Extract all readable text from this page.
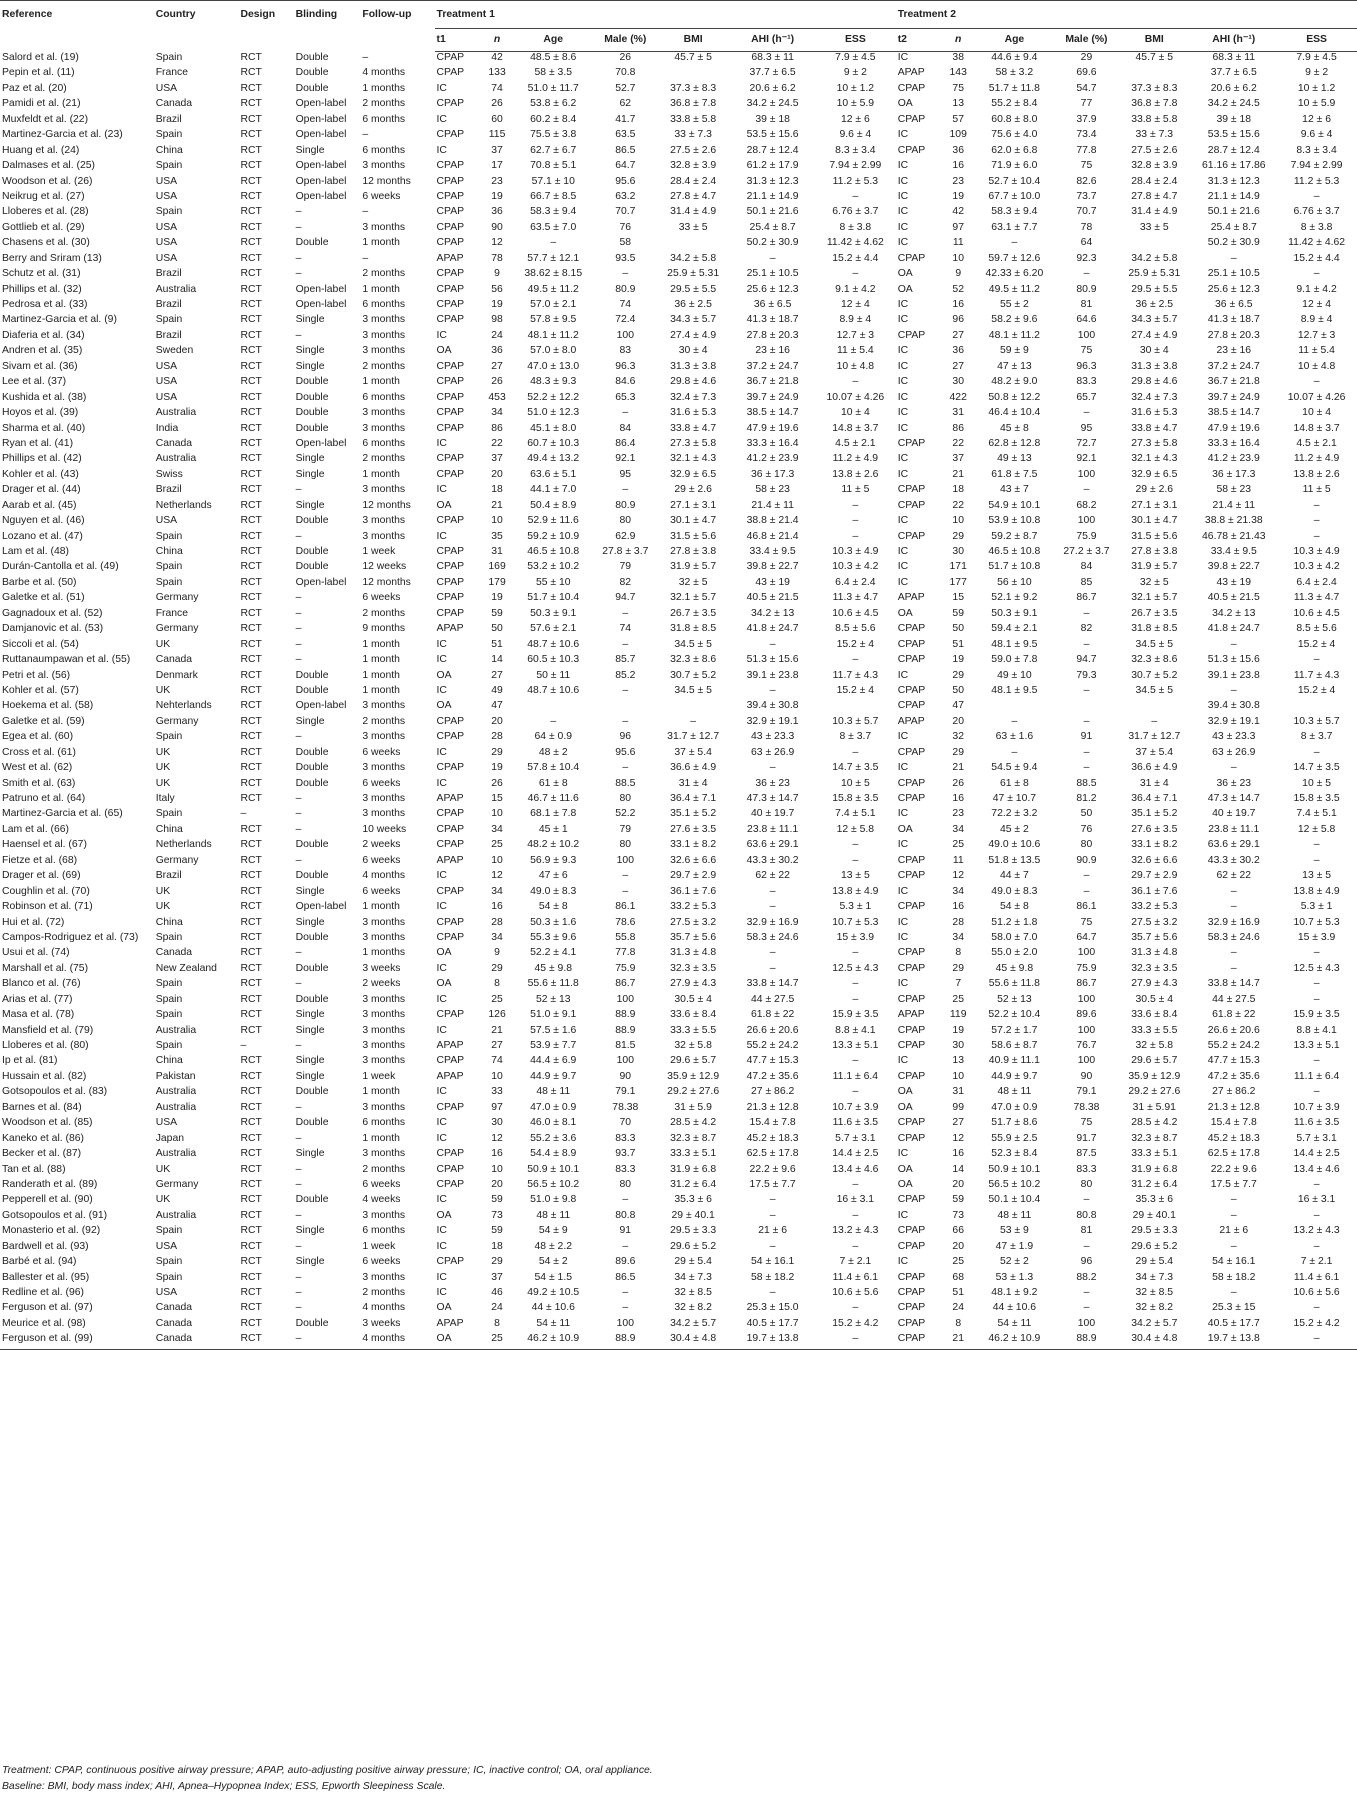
Reference	Country	Design	Blinding	Follow-up	Treatment 1							Treatment 2						
					t1	n	Age	Male (%)	BMI	AHI (h⁻¹)	ESS	t2	n	Age	Male (%)	BMI	AHI (h⁻¹)	ESS
Salord et al. (19)	Spain	RCT	Double	–	CPAP	42	48.5 ± 8.6	26	45.7 ± 5	68.3 ± 11	7.9 ± 4.5	IC	38	44.6 ± 9.4	29	45.7 ± 5	68.3 ± 11	7.9 ± 4.5
Pepin et al. (11)	France	RCT	Double	4 months	CPAP	133	58 ± 3.5	70.8		37.7 ± 6.5	9 ± 2	APAP	143	58 ± 3.2	69.6		37.7 ± 6.5	9 ± 2
Paz et al. (20)	USA	RCT	Double	1 months	IC	74	51.0 ± 11.7	52.7	37.3 ± 8.3	20.6 ± 6.2	10 ± 1.2	CPAP	75	51.7 ± 11.8	54.7	37.3 ± 8.3	20.6 ± 6.2	10 ± 1.2
Pamidi et al. (21)	Canada	RCT	Open-label	2 months	CPAP	26	53.8 ± 6.2	62	36.8 ± 7.8	34.2 ± 24.5	10 ± 5.9	OA	13	55.2 ± 8.4	77	36.8 ± 7.8	34.2 ± 24.5	10 ± 5.9
Muxfeldt et al. (22)	Brazil	RCT	Open-label	6 months	IC	60	60.2 ± 8.4	41.7	33.8 ± 5.8	39 ± 18	12 ± 6	CPAP	57	60.8 ± 8.0	37.9	33.8 ± 5.8	39 ± 18	12 ± 6
Martinez-Garcia et al. (23)	Spain	RCT	Open-label	–	CPAP	115	75.5 ± 3.8	63.5	33 ± 7.3	53.5 ± 15.6	9.6 ± 4	IC	109	75.6 ± 4.0	73.4	33 ± 7.3	53.5 ± 15.6	9.6 ± 4
Huang et al. (24)	China	RCT	Single	6 months	IC	37	62.7 ± 6.7	86.5	27.5 ± 2.6	28.7 ± 12.4	8.3 ± 3.4	CPAP	36	62.0 ± 6.8	77.8	27.5 ± 2.6	28.7 ± 12.4	8.3 ± 3.4
Dalmases et al. (25)	Spain	RCT	Open-label	3 months	CPAP	17	70.8 ± 5.1	64.7	32.8 ± 3.9	61.2 ± 17.9	7.94 ± 2.99	IC	16	71.9 ± 6.0	75	32.8 ± 3.9	61.16 ± 17.86	7.94 ± 2.99
Woodson et al. (26)	USA	RCT	Open-label	12 months	CPAP	23	57.1 ± 10	95.6	28.4 ± 2.4	31.3 ± 12.3	11.2 ± 5.3	IC	23	52.7 ± 10.4	82.6	28.4 ± 2.4	31.3 ± 12.3	11.2 ± 5.3
Neikrug et al. (27)	USA	RCT	Open-label	6 weeks	CPAP	19	66.7 ± 8.5	63.2	27.8 ± 4.7	21.1 ± 14.9	–	IC	19	67.7 ± 10.0	73.7	27.8 ± 4.7	21.1 ± 14.9	–
Lloberes et al. (28)	Spain	RCT	–	–	CPAP	36	58.3 ± 9.4	70.7	31.4 ± 4.9	50.1 ± 21.6	6.76 ± 3.7	IC	42	58.3 ± 9.4	70.7	31.4 ± 4.9	50.1 ± 21.6	6.76 ± 3.7
Gottlieb et al. (29)	USA	RCT	–	3 months	CPAP	90	63.5 ± 7.0	76	33 ± 5	25.4 ± 8.7	8 ± 3.8	IC	97	63.1 ± 7.7	78	33 ± 5	25.4 ± 8.7	8 ± 3.8
Chasens et al. (30)	USA	RCT	Double	1 month	CPAP	12	–	58		50.2 ± 30.9	11.42 ± 4.62	IC	11	–	64		50.2 ± 30.9	11.42 ± 4.62
Berry and Sriram (13)	USA	RCT	–	–	APAP	78	57.7 ± 12.1	93.5	34.2 ± 5.8	–	15.2 ± 4.4	CPAP	10	59.7 ± 12.6	92.3	34.2 ± 5.8	–	15.2 ± 4.4
Schutz et al. (31)	Brazil	RCT	–	2 months	CPAP	9	38.62 ± 8.15	–	25.9 ± 5.31	25.1 ± 10.5	–	OA	9	42.33 ± 6.20	–	25.9 ± 5.31	25.1 ± 10.5	–
Phillips et al. (32)	Australia	RCT	Open-label	1 month	CPAP	56	49.5 ± 11.2	80.9	29.5 ± 5.5	25.6 ± 12.3	9.1 ± 4.2	OA	52	49.5 ± 11.2	80.9	29.5 ± 5.5	25.6 ± 12.3	9.1 ± 4.2
Pedrosa et al. (33)	Brazil	RCT	Open-label	6 months	CPAP	19	57.0 ± 2.1	74	36 ± 2.5	36 ± 6.5	12 ± 4	IC	16	55 ± 2	81	36 ± 2.5	36 ± 6.5	12 ± 4
Martinez-Garcia et al. (9)	Spain	RCT	Single	3 months	CPAP	98	57.8 ± 9.5	72.4	34.3 ± 5.7	41.3 ± 18.7	8.9 ± 4	IC	96	58.2 ± 9.6	64.6	34.3 ± 5.7	41.3 ± 18.7	8.9 ± 4
Diaferia et al. (34)	Brazil	RCT	–	3 months	IC	24	48.1 ± 11.2	100	27.4 ± 4.9	27.8 ± 20.3	12.7 ± 3	CPAP	27	48.1 ± 11.2	100	27.4 ± 4.9	27.8 ± 20.3	12.7 ± 3
Andren et al. (35)	Sweden	RCT	Single	3 months	OA	36	57.0 ± 8.0	83	30 ± 4	23 ± 16	11 ± 5.4	IC	36	59 ± 9	75	30 ± 4	23 ± 16	11 ± 5.4
Sivam et al. (36)	USA	RCT	Single	2 months	CPAP	27	47.0 ± 13.0	96.3	31.3 ± 3.8	37.2 ± 24.7	10 ± 4.8	IC	27	47 ± 13	96.3	31.3 ± 3.8	37.2 ± 24.7	10 ± 4.8
Lee et al. (37)	USA	RCT	Double	1 month	CPAP	26	48.3 ± 9.3	84.6	29.8 ± 4.6	36.7 ± 21.8	–	IC	30	48.2 ± 9.0	83.3	29.8 ± 4.6	36.7 ± 21.8	–
Kushida et al. (38)	USA	RCT	Double	6 months	CPAP	453	52.2 ± 12.2	65.3	32.4 ± 7.3	39.7 ± 24.9	10.07 ± 4.26	IC	422	50.8 ± 12.2	65.7	32.4 ± 7.3	39.7 ± 24.9	10.07 ± 4.26
Hoyos et al. (39)	Australia	RCT	Double	3 months	CPAP	34	51.0 ± 12.3	–	31.6 ± 5.3	38.5 ± 14.7	10 ± 4	IC	31	46.4 ± 10.4	–	31.6 ± 5.3	38.5 ± 14.7	10 ± 4
Sharma et al. (40)	India	RCT	Double	3 months	CPAP	86	45.1 ± 8.0	84	33.8 ± 4.7	47.9 ± 19.6	14.8 ± 3.7	IC	86	45 ± 8	95	33.8 ± 4.7	47.9 ± 19.6	14.8 ± 3.7
Ryan et al. (41)	Canada	RCT	Open-label	6 months	IC	22	60.7 ± 10.3	86.4	27.3 ± 5.8	33.3 ± 16.4	4.5 ± 2.1	CPAP	22	62.8 ± 12.8	72.7	27.3 ± 5.8	33.3 ± 16.4	4.5 ± 2.1
Phillips et al. (42)	Australia	RCT	Single	2 months	CPAP	37	49.4 ± 13.2	92.1	32.1 ± 4.3	41.2 ± 23.9	11.2 ± 4.9	IC	37	49 ± 13	92.1	32.1 ± 4.3	41.2 ± 23.9	11.2 ± 4.9
Kohler et al. (43)	Swiss	RCT	Single	1 month	CPAP	20	63.6 ± 5.1	95	32.9 ± 6.5	36 ± 17.3	13.8 ± 2.6	IC	21	61.8 ± 7.5	100	32.9 ± 6.5	36 ± 17.3	13.8 ± 2.6
Drager et al. (44)	Brazil	RCT	–	3 months	IC	18	44.1 ± 7.0	–	29 ± 2.6	58 ± 23	11 ± 5	CPAP	18	43 ± 7	–	29 ± 2.6	58 ± 23	11 ± 5
Aarab et al. (45)	Netherlands	RCT	Single	12 months	OA	21	50.4 ± 8.9	80.9	27.1 ± 3.1	21.4 ± 11	–	CPAP	22	54.9 ± 10.1	68.2	27.1 ± 3.1	21.4 ± 11	–
Nguyen et al. (46)	USA	RCT	Double	3 months	CPAP	10	52.9 ± 11.6	80	30.1 ± 4.7	38.8 ± 21.4	–	IC	10	53.9 ± 10.8	100	30.1 ± 4.7	38.8 ± 21.38	–
Lozano et al. (47)	Spain	RCT	–	3 months	IC	35	59.2 ± 10.9	62.9	31.5 ± 5.6	46.8 ± 21.4	–	CPAP	29	59.2 ± 8.7	75.9	31.5 ± 5.6	46.78 ± 21.43	–
Lam et al. (48)	China	RCT	Double	1 week	CPAP	31	46.5 ± 10.8	27.8 ± 3.7	27.8 ± 3.8	33.4 ± 9.5	10.3 ± 4.9	IC	30	46.5 ± 10.8	27.2 ± 3.7	27.8 ± 3.8	33.4 ± 9.5	10.3 ± 4.9
Durán-Cantolla et al. (49)	Spain	RCT	Double	12 weeks	CPAP	169	53.2 ± 10.2	79	31.9 ± 5.7	39.8 ± 22.7	10.3 ± 4.2	IC	171	51.7 ± 10.8	84	31.9 ± 5.7	39.8 ± 22.7	10.3 ± 4.2
Barbe et al. (50)	Spain	RCT	Open-label	12 months	CPAP	179	55 ± 10	82	32 ± 5	43 ± 19	6.4 ± 2.4	IC	177	56 ± 10	85	32 ± 5	43 ± 19	6.4 ± 2.4
Galetke et al. (51)	Germany	RCT	–	6 weeks	CPAP	19	51.7 ± 10.4	94.7	32.1 ± 5.7	40.5 ± 21.5	11.3 ± 4.7	APAP	15	52.1 ± 9.2	86.7	32.1 ± 5.7	40.5 ± 21.5	11.3 ± 4.7
Gagnadoux et al. (52)	France	RCT	–	2 months	CPAP	59	50.3 ± 9.1	–	26.7 ± 3.5	34.2 ± 13	10.6 ± 4.5	OA	59	50.3 ± 9.1	–	26.7 ± 3.5	34.2 ± 13	10.6 ± 4.5
Damjanovic et al. (53)	Germany	RCT	–	9 months	APAP	50	57.6 ± 2.1	74	31.8 ± 8.5	41.8 ± 24.7	8.5 ± 5.6	CPAP	50	59.4 ± 2.1	82	31.8 ± 8.5	41.8 ± 24.7	8.5 ± 5.6
Siccoli et al. (54)	UK	RCT	–	1 month	IC	51	48.7 ± 10.6	–	34.5 ± 5	–	15.2 ± 4	CPAP	51	48.1 ± 9.5	–	34.5 ± 5	–	15.2 ± 4
Ruttanaumpawan et al. (55)	Canada	RCT	–	1 month	IC	14	60.5 ± 10.3	85.7	32.3 ± 8.6	51.3 ± 15.6	–	CPAP	19	59.0 ± 7.8	94.7	32.3 ± 8.6	51.3 ± 15.6	–
Petri et al. (56)	Denmark	RCT	Double	1 month	OA	27	50 ± 11	85.2	30.7 ± 5.2	39.1 ± 23.8	11.7 ± 4.3	IC	29	49 ± 10	79.3	30.7 ± 5.2	39.1 ± 23.8	11.7 ± 4.3
Kohler et al. (57)	UK	RCT	Double	1 month	IC	49	48.7 ± 10.6	–	34.5 ± 5	–	15.2 ± 4	CPAP	50	48.1 ± 9.5	–	34.5 ± 5	–	15.2 ± 4
Hoekema et al. (58)	Nehterlands	RCT	Open-label	3 months	OA	47				39.4 ± 30.8		CPAP	47				39.4 ± 30.8	
Galetke et al. (59)	Germany	RCT	Single	2 months	CPAP	20	–	–	–	32.9 ± 19.1	10.3 ± 5.7	APAP	20	–	–	–	32.9 ± 19.1	10.3 ± 5.7
Egea et al. (60)	Spain	RCT	–	3 months	CPAP	28	64 ± 0.9	96	31.7 ± 12.7	43 ± 23.3	8 ± 3.7	IC	32	63 ± 1.6	91	31.7 ± 12.7	43 ± 23.3	8 ± 3.7
Cross et al. (61)	UK	RCT	Double	6 weeks	IC	29	48 ± 2	95.6	37 ± 5.4	63 ± 26.9	–	CPAP	29	–	–	37 ± 5.4	63 ± 26.9	–
West et al. (62)	UK	RCT	Double	3 months	CPAP	19	57.8 ± 10.4	–	36.6 ± 4.9	–	14.7 ± 3.5	IC	21	54.5 ± 9.4	–	36.6 ± 4.9	–	14.7 ± 3.5
Smith et al. (63)	UK	RCT	Double	6 weeks	IC	26	61 ± 8	88.5	31 ± 4	36 ± 23	10 ± 5	CPAP	26	61 ± 8	88.5	31 ± 4	36 ± 23	10 ± 5
Patruno et al. (64)	Italy	RCT	–	3 months	APAP	15	46.7 ± 11.6	80	36.4 ± 7.1	47.3 ± 14.7	15.8 ± 3.5	CPAP	16	47 ± 10.7	81.2	36.4 ± 7.1	47.3 ± 14.7	15.8 ± 3.5
Martinez-Garcia et al. (65)	Spain	–	–	3 months	CPAP	10	68.1 ± 7.8	52.2	35.1 ± 5.2	40 ± 19.7	7.4 ± 5.1	IC	23	72.2 ± 3.2	50	35.1 ± 5.2	40 ± 19.7	7.4 ± 5.1
Lam et al. (66)	China	RCT	–	10 weeks	CPAP	34	45 ± 1	79	27.6 ± 3.5	23.8 ± 11.1	12 ± 5.8	OA	34	45 ± 2	76	27.6 ± 3.5	23.8 ± 11.1	12 ± 5.8
Haensel et al. (67)	Netherlands	RCT	Double	2 weeks	CPAP	25	48.2 ± 10.2	80	33.1 ± 8.2	63.6 ± 29.1	–	IC	25	49.0 ± 10.6	80	33.1 ± 8.2	63.6 ± 29.1	–
Fietze et al. (68)	Germany	RCT	–	6 weeks	APAP	10	56.9 ± 9.3	100	32.6 ± 6.6	43.3 ± 30.2	–	CPAP	11	51.8 ± 13.5	90.9	32.6 ± 6.6	43.3 ± 30.2	–
Drager et al. (69)	Brazil	RCT	Double	4 months	IC	12	47 ± 6	–	29.7 ± 2.9	62 ± 22	13 ± 5	CPAP	12	44 ± 7	–	29.7 ± 2.9	62 ± 22	13 ± 5
Coughlin et al. (70)	UK	RCT	Single	6 weeks	CPAP	34	49.0 ± 8.3	–	36.1 ± 7.6	–	13.8 ± 4.9	IC	34	49.0 ± 8.3	–	36.1 ± 7.6	–	13.8 ± 4.9
Robinson et al. (71)	UK	RCT	Open-label	1 month	IC	16	54 ± 8	86.1	33.2 ± 5.3	–	5.3 ± 1	CPAP	16	54 ± 8	86.1	33.2 ± 5.3	–	5.3 ± 1
Hui et al. (72)	China	RCT	Single	3 months	CPAP	28	50.3 ± 1.6	78.6	27.5 ± 3.2	32.9 ± 16.9	10.7 ± 5.3	IC	28	51.2 ± 1.8	75	27.5 ± 3.2	32.9 ± 16.9	10.7 ± 5.3
Campos-Rodriguez et al. (73)	Spain	RCT	Double	3 months	CPAP	34	55.3 ± 9.6	55.8	35.7 ± 5.6	58.3 ± 24.6	15 ± 3.9	IC	34	58.0 ± 7.0	64.7	35.7 ± 5.6	58.3 ± 24.6	15 ± 3.9
Usui et al. (74)	Canada	RCT	–	1 months	OA	9	52.2 ± 4.1	77.8	31.3 ± 4.8	–	–	CPAP	8	55.0 ± 2.0	100	31.3 ± 4.8	–	–
Marshall et al. (75)	New Zealand	RCT	Double	3 weeks	IC	29	45 ± 9.8	75.9	32.3 ± 3.5	–	12.5 ± 4.3	CPAP	29	45 ± 9.8	75.9	32.3 ± 3.5	–	12.5 ± 4.3
Blanco et al. (76)	Spain	RCT	–	2 weeks	OA	8	55.6 ± 11.8	86.7	27.9 ± 4.3	33.8 ± 14.7	–	IC	7	55.6 ± 11.8	86.7	27.9 ± 4.3	33.8 ± 14.7	–
Arias et al. (77)	Spain	RCT	Double	3 months	IC	25	52 ± 13	100	30.5 ± 4	44 ± 27.5	–	CPAP	25	52 ± 13	100	30.5 ± 4	44 ± 27.5	–
Masa et al. (78)	Spain	RCT	Single	3 months	CPAP	126	51.0 ± 9.1	88.9	33.6 ± 8.4	61.8 ± 22	15.9 ± 3.5	APAP	119	52.2 ± 10.4	89.6	33.6 ± 8.4	61.8 ± 22	15.9 ± 3.5
Mansfield et al. (79)	Australia	RCT	Single	3 months	IC	21	57.5 ± 1.6	88.9	33.3 ± 5.5	26.6 ± 20.6	8.8 ± 4.1	CPAP	19	57.2 ± 1.7	100	33.3 ± 5.5	26.6 ± 20.6	8.8 ± 4.1
Lloberes et al. (80)	Spain	–	–	3 months	APAP	27	53.9 ± 7.7	81.5	32 ± 5.8	55.2 ± 24.2	13.3 ± 5.1	CPAP	30	58.6 ± 8.7	76.7	32 ± 5.8	55.2 ± 24.2	13.3 ± 5.1
Ip et al. (81)	China	RCT	Single	3 months	CPAP	74	44.4 ± 6.9	100	29.6 ± 5.7	47.7 ± 15.3	–	IC	13	40.9 ± 11.1	100	29.6 ± 5.7	47.7 ± 15.3	–
Hussain et al. (82)	Pakistan	RCT	Single	1 week	APAP	10	44.9 ± 9.7	90	35.9 ± 12.9	47.2 ± 35.6	11.1 ± 6.4	CPAP	10	44.9 ± 9.7	90	35.9 ± 12.9	47.2 ± 35.6	11.1 ± 6.4
Gotsopoulos et al. (83)	Australia	RCT	Double	1 month	IC	33	48 ± 11	79.1	29.2 ± 27.6	27 ± 86.2	–	OA	31	48 ± 11	79.1	29.2 ± 27.6	27 ± 86.2	–
Barnes et al. (84)	Australia	RCT	–	3 months	CPAP	97	47.0 ± 0.9	78.38	31 ± 5.9	21.3 ± 12.8	10.7 ± 3.9	OA	99	47.0 ± 0.9	78.38	31 ± 5.91	21.3 ± 12.8	10.7 ± 3.9
Woodson et al. (85)	USA	RCT	Double	6 months	IC	30	46.0 ± 8.1	70	28.5 ± 4.2	15.4 ± 7.8	11.6 ± 3.5	CPAP	27	51.7 ± 8.6	75	28.5 ± 4.2	15.4 ± 7.8	11.6 ± 3.5
Kaneko et al. (86)	Japan	RCT	–	1 month	IC	12	55.2 ± 3.6	83.3	32.3 ± 8.7	45.2 ± 18.3	5.7 ± 3.1	CPAP	12	55.9 ± 2.5	91.7	32.3 ± 8.7	45.2 ± 18.3	5.7 ± 3.1
Becker et al. (87)	Australia	RCT	Single	3 months	CPAP	16	54.4 ± 8.9	93.7	33.3 ± 5.1	62.5 ± 17.8	14.4 ± 2.5	IC	16	52.3 ± 8.4	87.5	33.3 ± 5.1	62.5 ± 17.8	14.4 ± 2.5
Tan et al. (88)	UK	RCT	–	2 months	CPAP	10	50.9 ± 10.1	83.3	31.9 ± 6.8	22.2 ± 9.6	13.4 ± 4.6	OA	14	50.9 ± 10.1	83.3	31.9 ± 6.8	22.2 ± 9.6	13.4 ± 4.6
Randerath et al. (89)	Germany	RCT	–	6 weeks	CPAP	20	56.5 ± 10.2	80	31.2 ± 6.4	17.5 ± 7.7	–	OA	20	56.5 ± 10.2	80	31.2 ± 6.4	17.5 ± 7.7	–
Pepperell et al. (90)	UK	RCT	Double	4 weeks	IC	59	51.0 ± 9.8	–	35.3 ± 6	–	16 ± 3.1	CPAP	59	50.1 ± 10.4	–	35.3 ± 6	–	16 ± 3.1
Gotsopoulos et al. (91)	Australia	RCT	–	3 months	OA	73	48 ± 11	80.8	29 ± 40.1	–	–	IC	73	48 ± 11	80.8	29 ± 40.1	–	–
Monasterio et al. (92)	Spain	RCT	Single	6 months	IC	59	54 ± 9	91	29.5 ± 3.3	21 ± 6	13.2 ± 4.3	CPAP	66	53 ± 9	81	29.5 ± 3.3	21 ± 6	13.2 ± 4.3
Bardwell et al. (93)	USA	RCT	–	1 week	IC	18	48 ± 2.2	–	29.6 ± 5.2	–	–	CPAP	20	47 ± 1.9	–	29.6 ± 5.2	–	–
Barbé et al. (94)	Spain	RCT	Single	6 weeks	CPAP	29	54 ± 2	89.6	29 ± 5.4	54 ± 16.1	7 ± 2.1	IC	25	52 ± 2	96	29 ± 5.4	54 ± 16.1	7 ± 2.1
Ballester et al. (95)	Spain	RCT	–	3 months	IC	37	54 ± 1.5	86.5	34 ± 7.3	58 ± 18.2	11.4 ± 6.1	CPAP	68	53 ± 1.3	88.2	34 ± 7.3	58 ± 18.2	11.4 ± 6.1
Redline et al. (96)	USA	RCT	–	2 months	IC	46	49.2 ± 10.5	–	32 ± 8.5	–	10.6 ± 5.6	CPAP	51	48.1 ± 9.2	–	32 ± 8.5	–	10.6 ± 5.6
Ferguson et al. (97)	Canada	RCT	–	4 months	OA	24	44 ± 10.6	–	32 ± 8.2	25.3 ± 15.0	–	CPAP	24	44 ± 10.6	–	32 ± 8.2	25.3 ± 15	–
Meurice et al. (98)	Canada	RCT	Double	3 weeks	APAP	8	54 ± 11	100	34.2 ± 5.7	40.5 ± 17.7	15.2 ± 4.2	CPAP	8	54 ± 11	100	34.2 ± 5.7	40.5 ± 17.7	15.2 ± 4.2
Ferguson et al. (99)	Canada	RCT	–	4 months	OA	25	46.2 ± 10.9	88.9	30.4 ± 4.8	19.7 ± 13.8	–	CPAP	21	46.2 ± 10.9	88.9	30.4 ± 4.8	19.7 ± 13.8	–
Treatment: CPAP, continuous positive airway pressure; APAP, auto-adjusting positive airway pressure; IC, inactive control; OA, oral appliance.
Baseline: BMI, body mass index; AHI, Apnea–Hypopnea Index; ESS, Epworth Sleepiness Scale.
